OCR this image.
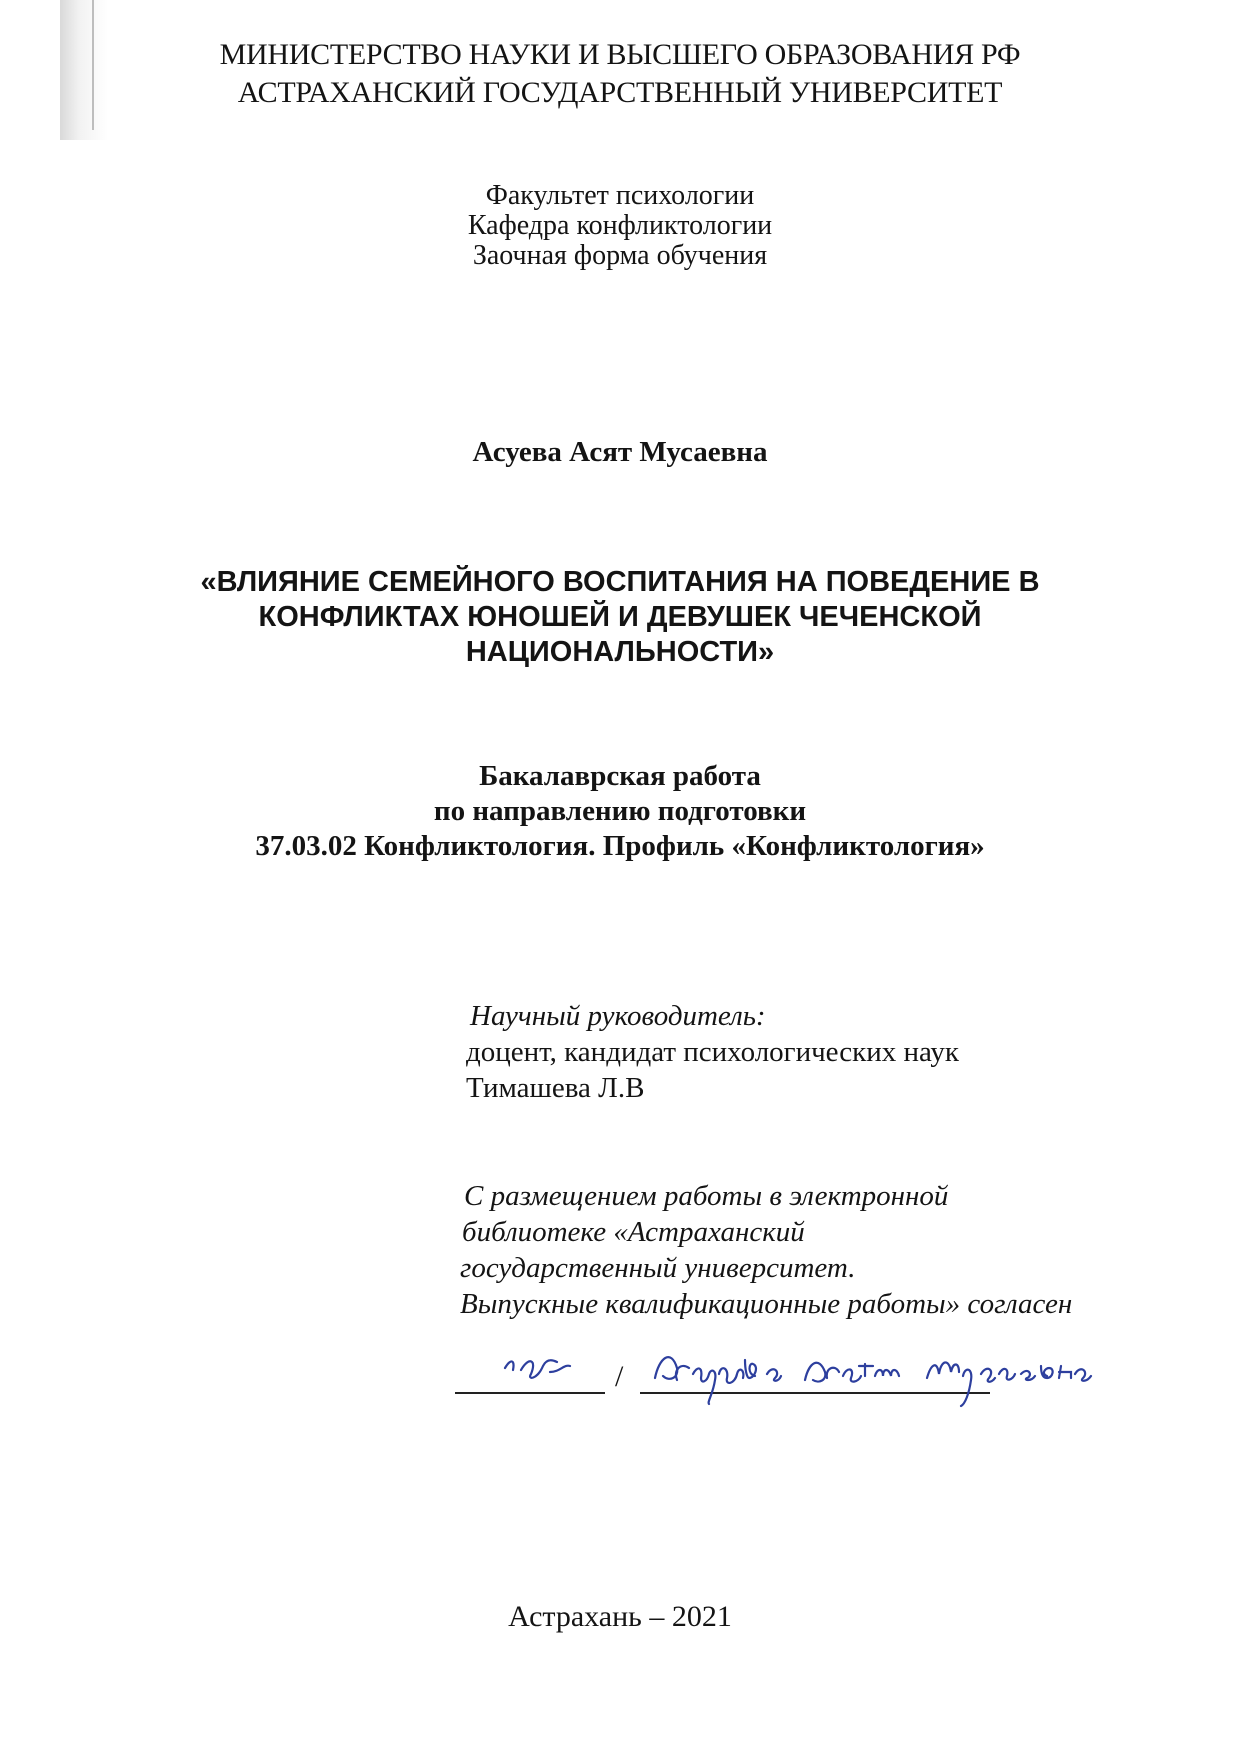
МИНИСТЕРСТВО НАУКИ И ВЫСШЕГО ОБРАЗОВАНИЯ РФ
АСТРАХАНСКИЙ ГОСУДАРСТВЕННЫЙ УНИВЕРСИТЕТ
Факультет психологии
Кафедра конфликтологии
Заочная форма обучения
Асуева Асят Мусаевна
«ВЛИЯНИЕ СЕМЕЙНОГО ВОСПИТАНИЯ НА ПОВЕДЕНИЕ В
КОНФЛИКТАХ ЮНОШЕЙ И ДЕВУШЕК ЧЕЧЕНСКОЙ
НАЦИОНАЛЬНОСТИ»
Бакалаврская работа
по направлению подготовки
37.03.02 Конфликтология. Профиль «Конфликтология»
Научный руководитель:
доцент, кандидат психологических наук
Тимашева Л.В
С размещением работы в электронной
библиотеке «Астраханский
государственный университет.
Выпускные квалификационные работы» согласен
/
Астрахань – 2021
